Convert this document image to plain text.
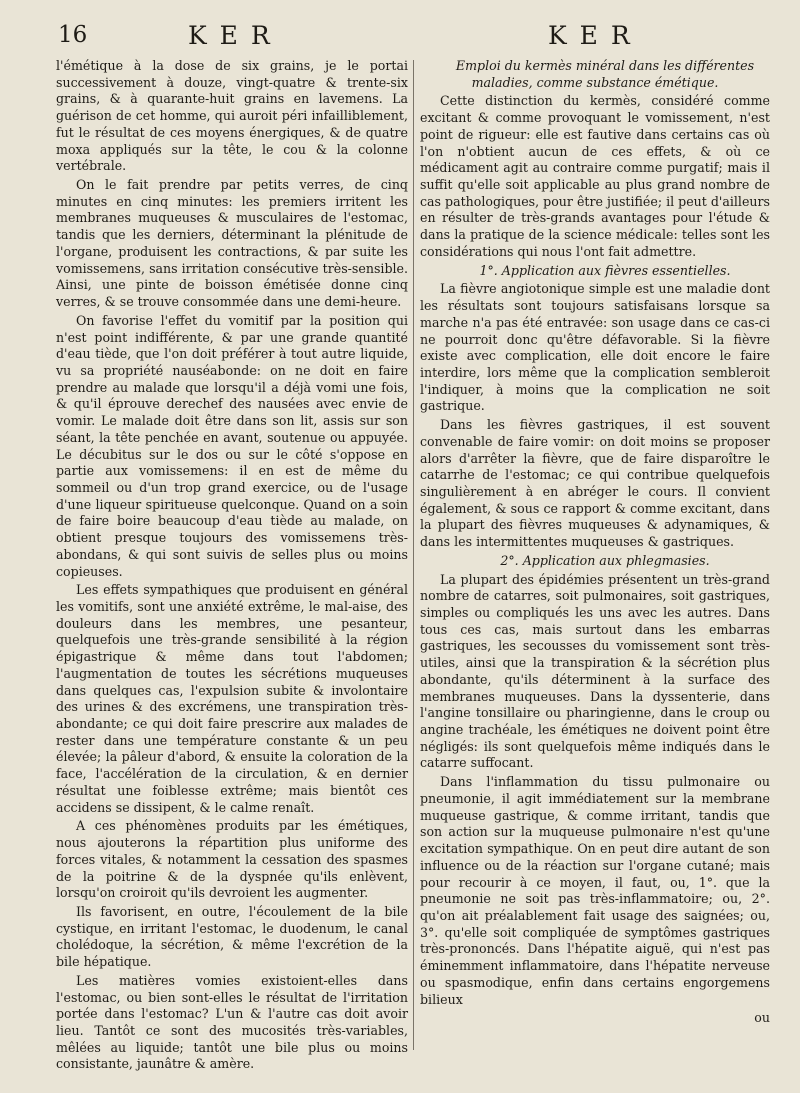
16	KER	KER

l'émétique à la dose de six grains, je le portai successivement à douze, vingt-quatre & trente-six grains, & à quarante-huit grains en lavemens. La guérison de cet homme, qui auroit péri infailliblement, fut le résultat de ces moyens énergiques, & de quatre moxa appliqués sur la tête, le cou & la colonne vertébrale.

On le fait prendre par petits verres, de cinq minutes en cinq minutes: les premiers irritent les membranes muqueuses & musculaires de l'estomac, tandis que les derniers, déterminant la plénitude de l'organe, produisent les contractions, & par suite les vomissemens, sans irritation consécutive très-sensible. Ainsi, une pinte de boisson émétisée donne cinq verres, & se trouve consommée dans une demi-heure.

On favorise l'effet du vomitif par la position qui n'est point indifférente, & par une grande quantité d'eau tiède, que l'on doit préférer à tout autre liquide, vu sa propriété nauséabonde: on ne doit en faire prendre au malade que lorsqu'il a déjà vomi une fois, & qu'il éprouve derechef des nausées avec envie de vomir. Le malade doit être dans son lit, assis sur son séant, la tête penchée en avant, soutenue ou appuyée. Le décubitus sur le dos ou sur le côté s'oppose en partie aux vomissemens: il en est de même du sommeil ou d'un trop grand exercice, ou de l'usage d'une liqueur spiritueuse quelconque. Quand on a soin de faire boire beaucoup d'eau tiède au malade, on obtient presque toujours des vomissemens très-abondans, & qui sont suivis de selles plus ou moins copieuses.

Les effets sympathiques que produisent en général les vomitifs, sont une anxiété extrême, le mal-aise, des douleurs dans les membres, une pesanteur, quelquefois une très-grande sensibilité à la région épigastrique & même dans tout l'abdomen; l'augmentation de toutes les sécrétions muqueuses dans quelques cas, l'expulsion subite & involontaire des urines & des excrémens, une transpiration très-abondante; ce qui doit faire prescrire aux malades de rester dans une température constante & un peu élevée; la pâleur d'abord, & ensuite la coloration de la face, l'accélération de la circulation, & en dernier résultat une foiblesse extrême; mais bientôt ces accidens se dissipent, & le calme renaît.

A ces phénomènes produits par les émétiques, nous ajouterons la répartition plus uniforme des forces vitales, & notamment la cessation des spasmes de la poitrine & de la dyspnée qu'ils enlèvent, lorsqu'on croiroit qu'ils devroient les augmenter.

Ils favorisent, en outre, l'écoulement de la bile cystique, en irritant l'estomac, le duodenum, le canal cholédoque, la sécrétion, & même l'excrétion de la bile hépatique.

Les matières vomies existoient-elles dans l'estomac, ou bien sont-elles le résultat de l'irritation portée dans l'estomac? L'un & l'autre cas doit avoir lieu. Tantôt ce sont des mucosités très-variables, mêlées au liquide; tantôt une bile plus ou moins consistante, jaunâtre & amère.

Emploi du kermès minéral dans les différentes maladies, comme substance émétique.

Cette distinction du kermès, considéré comme excitant & comme provoquant le vomissement, n'est point de rigueur: elle est fautive dans certains cas où l'on n'obtient aucun de ces effets, & où ce médicament agit au contraire comme purgatif; mais il suffit qu'elle soit applicable au plus grand nombre de cas pathologiques, pour être justifiée; il peut d'ailleurs en résulter de très-grands avantages pour l'étude & dans la pratique de la science médicale: telles sont les considérations qui nous l'ont fait admettre.

1°. Application aux fièvres essentielles.

La fièvre angiotonique simple est une maladie dont les résultats sont toujours satisfaisans lorsque sa marche n'a pas été entravée: son usage dans ce cas-ci ne pourroit donc qu'être défavorable. Si la fièvre existe avec complication, elle doit encore le faire interdire, lors même que la complication sembleroit l'indiquer, à moins que la complication ne soit gastrique.

Dans les fièvres gastriques, il est souvent convenable de faire vomir: on doit moins se proposer alors d'arrêter la fièvre, que de faire disparoître le catarrhe de l'estomac; ce qui contribue quelquefois singulièrement à en abréger le cours. Il convient également, & sous ce rapport & comme excitant, dans la plupart des fièvres muqueuses & adynamiques, & dans les intermittentes muqueuses & gastriques.

2°. Application aux phlegmasies.

La plupart des épidémies présentent un très-grand nombre de catarres, soit pulmonaires, soit gastriques, simples ou compliqués les uns avec les autres. Dans tous ces cas, mais surtout dans les embarras gastriques, les secousses du vomissement sont très-utiles, ainsi que la transpiration & la sécrétion plus abondante, qu'ils déterminent à la surface des membranes muqueuses. Dans la dyssenterie, dans l'angine tonsillaire ou pharingienne, dans le croup ou angine trachéale, les émétiques ne doivent point être négligés: ils sont quelquefois même indiqués dans le catarre suffocant.

Dans l'inflammation du tissu pulmonaire ou pneumonie, il agit immédiatement sur la membrane muqueuse gastrique, & comme irritant, tandis que son action sur la muqueuse pulmonaire n'est qu'une excitation sympathique. On en peut dire autant de son influence ou de la réaction sur l'organe cutané; mais pour recourir à ce moyen, il faut, ou, 1°. que la pneumonie ne soit pas très-inflammatoire; ou, 2°. qu'on ait préalablement fait usage des saignées; ou, 3°. qu'elle soit compliquée de symptômes gastriques très-prononcés. Dans l'hépatite aiguë, qui n'est pas éminemment inflammatoire, dans l'hépatite nerveuse ou spasmodique, enfin dans certains engorgemens bilieux

ou
